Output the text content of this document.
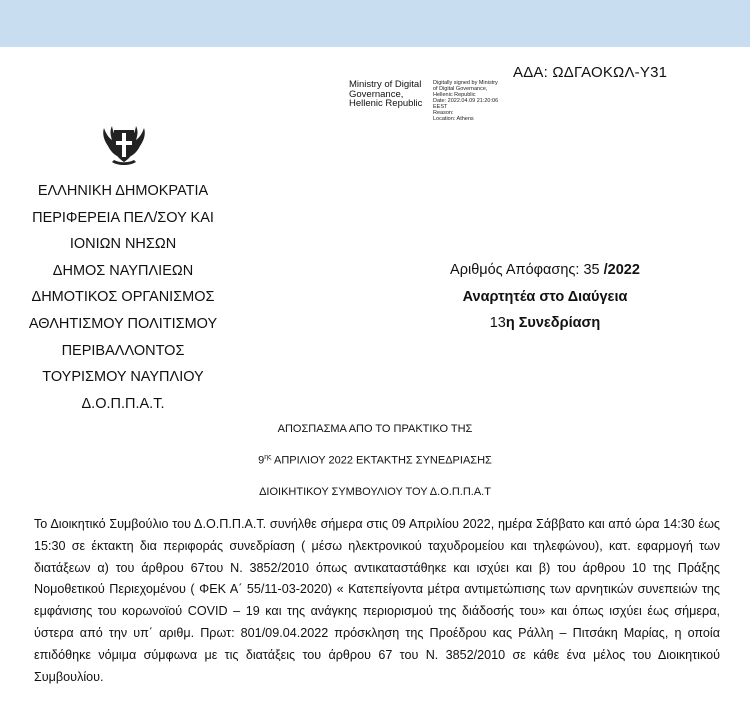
ΑΔΑ: ΩΔΓΑΟΚΩΛ-Υ31
Ministry of Digital
Governance,
Hellenic Republic
Digitally signed by Ministry
of Digital Governance,
Hellenic Republic
Date: 2022.04.09 21:20:06
EEST
Reason:
Location: Athens
ΕΛΛΗΝΙΚΗ ΔΗΜΟΚΡΑΤΙΑ
ΠΕΡΙΦΕΡΕΙΑ ΠΕΛ/ΣΟΥ ΚΑΙ
ΙΟΝΙΩΝ ΝΗΣΩΝ
ΔΗΜΟΣ ΝΑΥΠΛΙΕΩΝ
ΔΗΜΟΤΙΚΟΣ ΟΡΓΑΝΙΣΜΟΣ
ΑΘΛΗΤΙΣΜΟΥ ΠΟΛΙΤΙΣΜΟΥ
ΠΕΡΙΒΑΛΛΟΝΤΟΣ
ΤΟΥΡΙΣΜΟΥ ΝΑΥΠΛΙΟΥ
Δ.Ο.Π.Π.Α.Τ.
Αριθμός Απόφασης: 35 /2022
Αναρτητέα στο Διαύγεια
13η Συνεδρίαση
ΑΠΟΣΠΑΣΜΑ ΑΠΟ ΤΟ ΠΡΑΚΤΙΚΟ ΤΗΣ
$9^{\eta\varsigma}$ ΑΠΡΙΛΙΟΥ 2022 ΕΚΤΑΚΤΗΣ ΣΥΝΕΔΡΙΑΣΗΣ
ΔΙΟΙΚΗΤΙΚΟΥ ΣΥΜΒΟΥΛΙΟΥ ΤΟΥ Δ.Ο.Π.Π.Α.Τ
Το Διοικητικό Συμβούλιο του Δ.Ο.Π.Π.Α.Τ. συνήλθε σήμερα στις 09 Απριλίου 2022, ημέρα Σάββατο και από ώρα 14:30 έως 15:30 σε έκτακτη δια περιφοράς συνεδρίαση ( μέσω ηλεκτρονικού ταχυδρομείου και τηλεφώνου), κατ. εφαρμογή των διατάξεων α) του άρθρου 67του Ν. 3852/2010 όπως αντικαταστάθηκε και ισχύει και β) του άρθρου 10 της Πράξης Νομοθετικού Περιεχομένου ( ΦΕΚ Α΄ 55/11-03-2020) « Κατεπείγοντα μέτρα αντιμετώπισης των αρνητικών συνεπειών της εμφάνισης του κορωνοϊού COVID – 19 και της ανάγκης περιορισμού της διάδοσής του» και όπως ισχύει έως σήμερα, ύστερα από την υπ΄ αριθμ. Πρωτ: 801/09.04.2022 πρόσκληση της Προέδρου κας Ράλλη – Πιτσάκη Μαρίας, η οποία επιδόθηκε νόμιμα σύμφωνα με τις διατάξεις του άρθρου 67 του Ν. 3852/2010 σε κάθε ένα μέλος του Διοικητικού Συμβουλίου.
